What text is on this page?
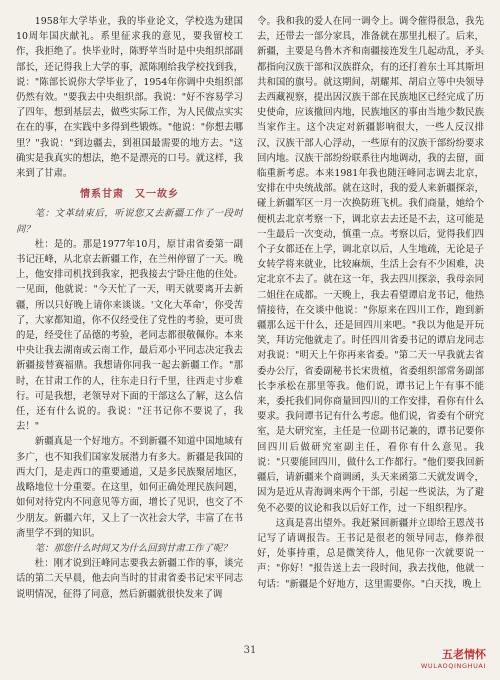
1958年大学毕业，我的毕业论文，学校选为建国10周年国庆献礼。系里征求我的意见，要我留校工作，我拒绝了。快毕业时，陈野苹当时是中央组织部副部长，还记得我上大学的事，派陈刚给我学校找到我，说："陈部长说你大学毕业了，1954年你调中央组织部仍然有效。"要我去中央组织部。我说："好不容易学习了四年，想到基层去，做些实际工作，为人民做点实实在在的事，在实践中多得到些锻炼。"他说："你想去哪里？"我说："到边疆去，到祖国最需要的地方去。"这确实是我真实的想法，绝不是漂亮的口号。就这样，我来到了甘肃。

情系甘肃　又一故乡

笔：文革结束后，听说您又去新疆工作了一段时间？

杜：是的。那是1977年10月，原甘肃省委第一副书记汪峰，从北京去新疆工作，在兰州停留了一天。晚上，他安排司机找到我家，把我接去宁卧庄他的住处。一见面，他就说："今天忙了一天，明天就要离开去新疆，所以只好晚上请你来谈谈。'文化大革命'，你受苦了，大家都知道，你不仅经受住了党性的考验，更可贵的是，经受住了品德的考验，老同志都很敬佩你。本来中央让我去湖南或云南工作，最后邓小平同志决定我去新疆接替赛福鼎。我想请你同我一起去新疆工作。"那时，在甘肃工作的人，往东走日行千里，往西走寸步难行。可是我想，老领导对下面的干部这么了解，这么信任，还有什么说的。我说："汪书记你不要说了，我去！"

新疆真是一个好地方。不到新疆不知道中国地域有多广，也不知我们国家发展潜力有多大。新疆是我国的西大门，是走西口的重要通道，又是多民族聚居地区，战略地位十分重要。在这里，如何正确处理民族问题，如何对待党内不同意见等方面，增长了见识，也交了不少朋友。新疆六年，又上了一次社会大学，丰富了在书斋里学不到的知识。

笔：那您什么时间又为什么回到甘肃工作了呢？

杜：刚才说到汪峰同志要我去新疆工作的事，谈完话的第二天早晨，他去向当时的甘肃省委书记宋平同志说明情况，征得了同意，然后新疆就很快发来了调

令。我和我的爱人在同一调令上。调令催得很急，我先去，还带去一部分家具，准备就在那里扎根了。后来，新疆，主要是乌鲁木齐和南疆接连发生几起动乱，矛头都指向汉族干部和汉族群众，有的还打着东土耳其斯坦共和国的旗号。就这期间，胡耀邦、胡启立等中央领导去西藏视察，提出因汉族干部在民族地区已经完成了历史使命，应该撤回内地，民族地区的事由当地少数民族当家作主。这个决定对新疆影响很大，一些人反汉排汉，汉族干部人心浮动，一些原有的汉族干部纷纷要求回内地。汉族干部纷纷联系往内地调动，我的去留，面临重新考虑。本来1981年我也随汪峰同志调去北京，安排在中央统战部。就在这时，我的爱人来新疆探亲，碰上新疆军区一月一次换防班飞机。我们商量，她给个便机去北京考察一下，调北京去去还是不去，这可能是一生最后一次变动，慎重一点。考察以后，觉得我们四个子女都还在上学，调北京以后，人生地疏，无论是子女转学将来就业，比较麻烦，生活上会有不少困难，决定北京不去了。就在这一年，我去四川探亲，我母亲同二姐住在成都。一天晚上，我去看望谭启龙书记，他热情接待，在交谈中他说："你原来在四川工作，跑到新疆那么远干什么，还是回四川来吧。"我以为他是开玩笑，拜访完他就走了。时任四川省委书记的谭启龙同志对我说："明天上午你再来省委。"第二天一早我就去省委办公厅，省委副秘书长宋贵植，省委组织部常务副部长李承松在那里等我。他们说，谭书记上午有事不能来，委托我们同你商量回四川的工作安排，看你有什么要求。我问谭书记有什么考虑。他们说，省委有个研究室，是大研究室，主任是一位副书记兼的，谭书记要你回四川后做研究室副主任，看你有什么意见。我说："只要能回四川，做什么工作都行。"他们要我回新疆后，请新疆来个商调函，头天来函第二天就发调令，因为是近从青海调来两个干部，引起一些说法，为了避免不必要的议论和我以后好工作，过一下组织程序。

这真是喜出望外。我赶紧回新疆并立即给王恩茂书记写了请调报告。王书记是很老的领导同志，修养很好，处事持重，总是微笑待人，他见你一次就要说一声："你好！"报告送上去一段时间，我去找他，他就一句话："新疆是个好地方，这里需要你。"白天找，晚上

31	五老情怀
WULAOQINGHUAI
